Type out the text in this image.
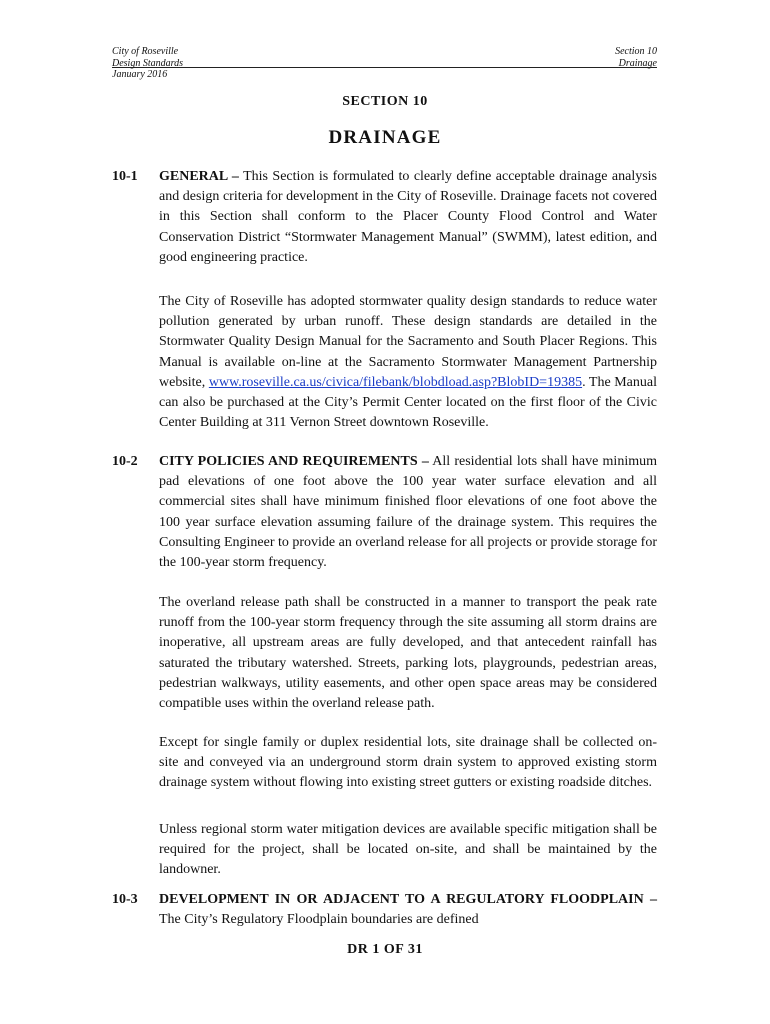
City of Roseville
Design Standards
January 2016
Section 10
Drainage
SECTION 10
DRAINAGE
10-1 GENERAL – This Section is formulated to clearly define acceptable drainage analysis and design criteria for development in the City of Roseville. Drainage facets not covered in this Section shall conform to the Placer County Flood Control and Water Conservation District “Stormwater Management Manual” (SWMM), latest edition, and good engineering practice.
The City of Roseville has adopted stormwater quality design standards to reduce water pollution generated by urban runoff. These design standards are detailed in the Stormwater Quality Design Manual for the Sacramento and South Placer Regions. This Manual is available on-line at the Sacramento Stormwater Management Partnership website, www.roseville.ca.us/civica/filebank/blobdload.asp?BlobID=19385. The Manual can also be purchased at the City’s Permit Center located on the first floor of the Civic Center Building at 311 Vernon Street downtown Roseville.
10-2 CITY POLICIES AND REQUIREMENTS – All residential lots shall have minimum pad elevations of one foot above the 100 year water surface elevation and all commercial sites shall have minimum finished floor elevations of one foot above the 100 year surface elevation assuming failure of the drainage system. This requires the Consulting Engineer to provide an overland release for all projects or provide storage for the 100-year storm frequency.
The overland release path shall be constructed in a manner to transport the peak rate runoff from the 100-year storm frequency through the site assuming all storm drains are inoperative, all upstream areas are fully developed, and that antecedent rainfall has saturated the tributary watershed. Streets, parking lots, playgrounds, pedestrian areas, pedestrian walkways, utility easements, and other open space areas may be considered compatible uses within the overland release path.
Except for single family or duplex residential lots, site drainage shall be collected on-site and conveyed via an underground storm drain system to approved existing storm drainage system without flowing into existing street gutters or existing roadside ditches.
Unless regional storm water mitigation devices are available specific mitigation shall be required for the project, shall be located on-site, and shall be maintained by the landowner.
10-3 DEVELOPMENT IN OR ADJACENT TO A REGULATORY FLOODPLAIN – The City’s Regulatory Floodplain boundaries are defined
DR 1 OF 31
